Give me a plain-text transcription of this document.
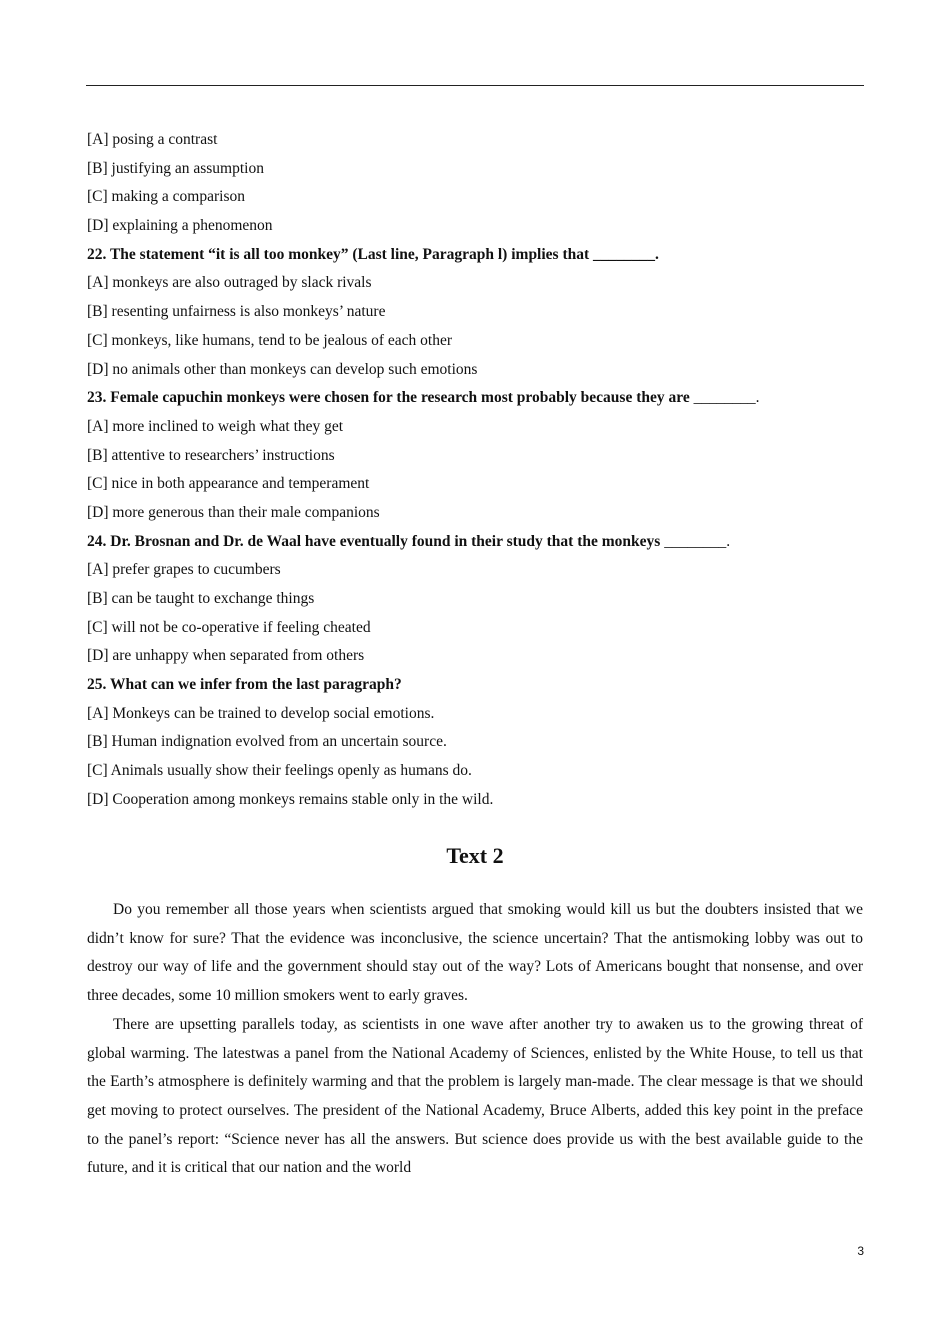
[A] posing a contrast
[B] justifying an assumption
[C] making a comparison
[D] explaining a phenomenon
22. The statement “it is all too monkey” (Last line, Paragraph l) implies that ________.
[A] monkeys are also outraged by slack rivals
[B] resenting unfairness is also monkeys’ nature
[C] monkeys, like humans, tend to be jealous of each other
[D] no animals other than monkeys can develop such emotions
23. Female capuchin monkeys were chosen for the research most probably because they are ________.
[A] more inclined to weigh what they get
[B] attentive to researchers’ instructions
[C] nice in both appearance and temperament
[D] more generous than their male companions
24. Dr. Brosnan and Dr. de Waal have eventually found in their study that the monkeys ________.
[A] prefer grapes to cucumbers
[B] can be taught to exchange things
[C] will not be co-operative if feeling cheated
[D] are unhappy when separated from others
25. What can we infer from the last paragraph?
[A] Monkeys can be trained to develop social emotions.
[B] Human indignation evolved from an uncertain source.
[C] Animals usually show their feelings openly as humans do.
[D] Cooperation among monkeys remains stable only in the wild.
Text 2

Do you remember all those years when scientists argued that smoking would kill us but the doubters insisted that we didn’t know for sure? That the evidence was inconclusive, the science uncertain? That the antismoking lobby was out to destroy our way of life and the government should stay out of the way? Lots of Americans bought that nonsense, and over three decades, some 10 million smokers went to early graves.

There are upsetting parallels today, as scientists in one wave after another try to awaken us to the growing threat of global warming. The latestwas a panel from the National Academy of Sciences, enlisted by the White House, to tell us that the Earth’s atmosphere is definitely warming and that the problem is largely man-made. The clear message is that we should get moving to protect ourselves. The president of the National Academy, Bruce Alberts, added this key point in the preface to the panel’s report: “Science never has all the answers. But science does provide us with the best available guide to the future, and it is critical that our nation and the world

3
